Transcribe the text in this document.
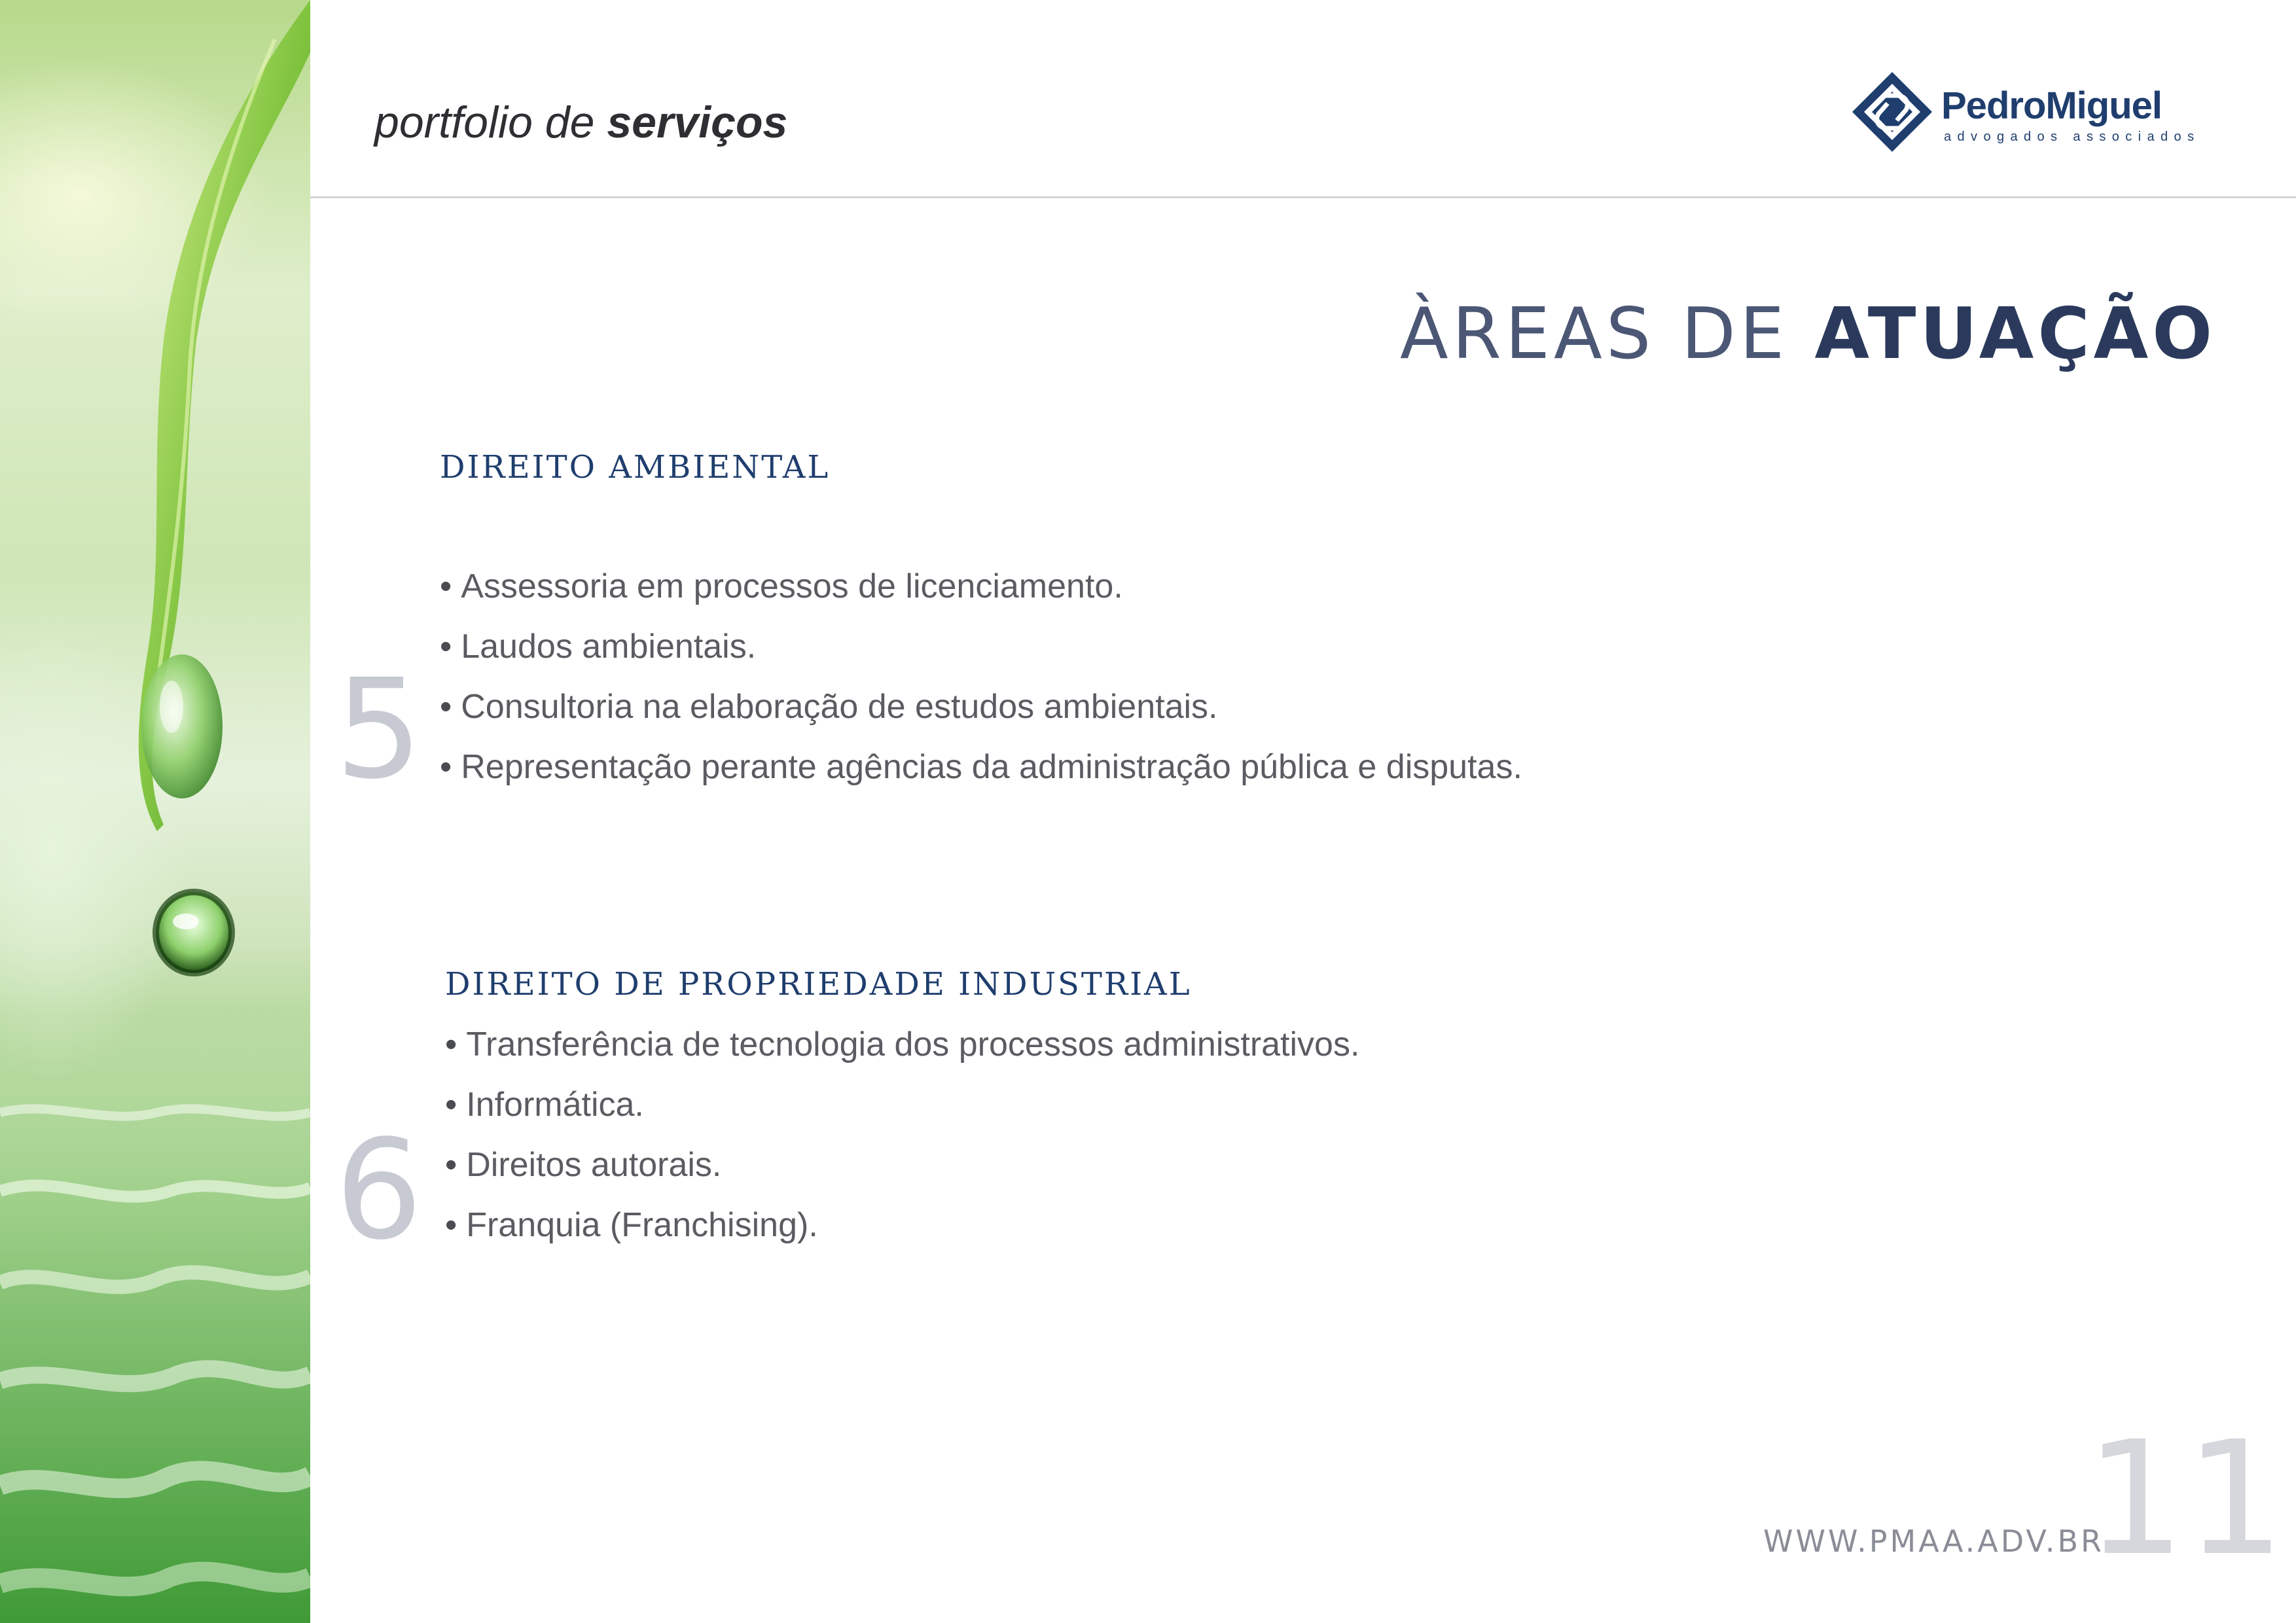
portfolio de serviços	PedroMiguel
advogados associados
ÀREAS DE ATUAÇÃO
5
DIREITO AMBIENTAL
• Assessoria em processos de licenciamento.
• Laudos ambientais.
• Consultoria na elaboração de estudos ambientais.
• Representação perante agências da administração pública e disputas.
6
DIREITO DE PROPRIEDADE INDUSTRIAL
• Transferência de tecnologia dos processos administrativos.
• Informática.
• Direitos autorais.
• Franquia (Franchising).
WWW.PMAA.ADV.BR
11
